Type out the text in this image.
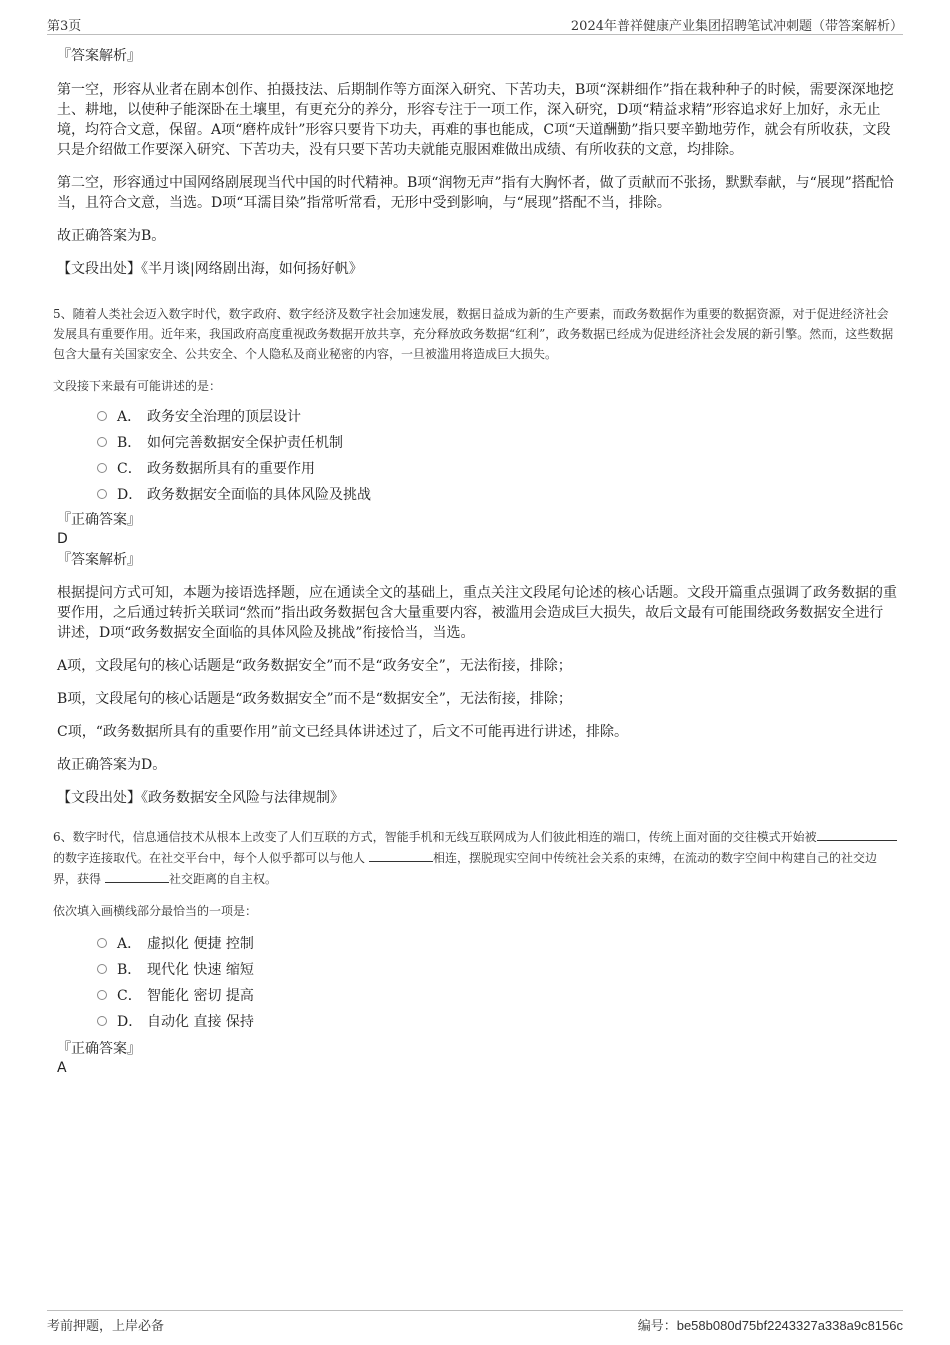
第3页	2024年普祥健康产业集团招聘笔试冲刺题（带答案解析）

『答案解析』

第一空，形容从业者在剧本创作、拍摄技法、后期制作等方面深入研究、下苦功夫，B项“深耕细作”指在栽种种子的时候，需要深深地挖土、耕地，以使种子能深卧在土壤里，有更充分的养分，形容专注于一项工作，深入研究，D项“精益求精”形容追求好上加好，永无止境，均符合文意，保留。A项“磨杵成针”形容只要肯下功夫，再难的事也能成，C项“天道酬勤”指只要辛勤地劳作，就会有所收获，文段只是介绍做工作要深入研究、下苦功夫，没有只要下苦功夫就能克服困难做出成绩、有所收获的文意，均排除。

第二空，形容通过中国网络剧展现当代中国的时代精神。B项“润物无声”指有大胸怀者，做了贡献而不张扬，默默奉献，与“展现”搭配恰当，且符合文意，当选。D项“耳濡目染”指常听常看，无形中受到影响，与“展现”搭配不当，排除。

故正确答案为B。

【文段出处】《半月谈|网络剧出海，如何扬好帆》

5、随着人类社会迈入数字时代，数字政府、数字经济及数字社会加速发展，数据日益成为新的生产要素，而政务数据作为重要的数据资源，对于促进经济社会发展具有重要作用。近年来，我国政府高度重视政务数据开放共享，充分释放政务数据“红利”，政务数据已经成为促进经济社会发展的新引擎。然而，这些数据包含大量有关国家安全、公共安全、个人隐私及商业秘密的内容，一旦被滥用将造成巨大损失。

文段接下来最有可能讲述的是：

A． 政务安全治理的顶层设计
B． 如何完善数据安全保护责任机制
C． 政务数据所具有的重要作用
D． 政务数据安全面临的具体风险及挑战

『正确答案』

D

『答案解析』

根据提问方式可知，本题为接语选择题，应在通读全文的基础上，重点关注文段尾句论述的核心话题。文段开篇重点强调了政务数据的重要作用，之后通过转折关联词“然而”指出政务数据包含大量重要内容，被滥用会造成巨大损失，故后文最有可能围绕政务数据安全进行讲述，D项“政务数据安全面临的具体风险及挑战”衔接恰当，当选。

A项，文段尾句的核心话题是“政务数据安全”而不是“政务安全”，无法衔接，排除；

B项，文段尾句的核心话题是“政务数据安全”而不是“数据安全”，无法衔接，排除；

C项，“政务数据所具有的重要作用”前文已经具体讲述过了，后文不可能再进行讲述，排除。

故正确答案为D。

【文段出处】《政务数据安全风险与法律规制》

6、数字时代，信息通信技术从根本上改变了人们互联的方式，智能手机和无线互联网成为人们彼此相连的端口，传统上面对面的交往模式开始被的数字连接取代。在社交平台中，每个人似乎都可以与他人	相连，摆脱现实空间中传统社会关系的束缚，在流动的数字空间中构建自己的社交边界，获得	社交距离的自主权。

依次填入画横线部分最恰当的一项是：

A． 虚拟化 便捷 控制
B． 现代化 快速 缩短
C． 智能化 密切 提高
D． 自动化 直接 保持

『正确答案』

A

考前押题，上岸必备	编号：be58b080d75bf2243327a338a9c8156c
